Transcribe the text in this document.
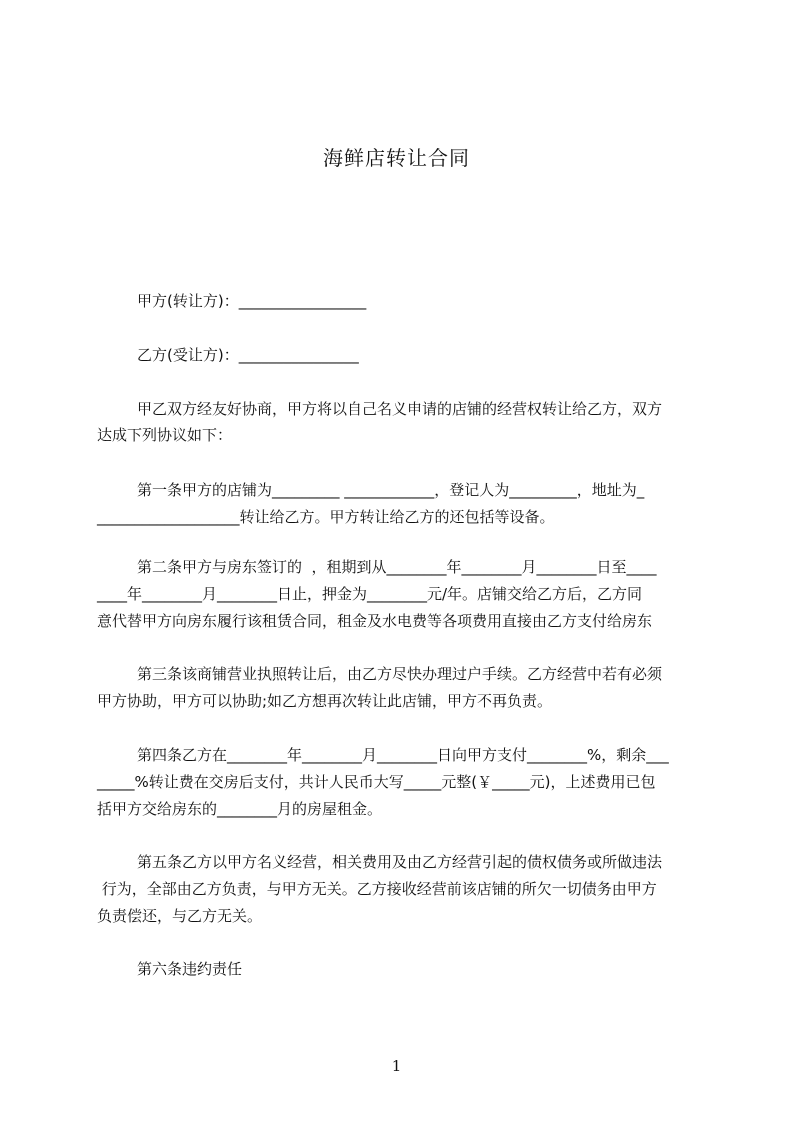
海鲜店转让合同
甲方(转让方)：_________________
乙方(受让方)：________________
甲乙双方经友好协商，甲方将以自己名义申请的店铺的经营权转让给乙方，双方
达成下列协议如下：
第一条甲方的店铺为_________ ____________，登记人为_________，地址为_
___________________转让给乙方。甲方转让给乙方的还包括等设备。
第二条甲方与房东签订的  ，租期到从________年________月________日至____
____年________月________日止，押金为________元/年。店铺交给乙方后，乙方同
意代替甲方向房东履行该租赁合同，租金及水电费等各项费用直接由乙方支付给房东
第三条该商铺营业执照转让后，由乙方尽快办理过户手续。乙方经营中若有必须
甲方协助，甲方可以协助;如乙方想再次转让此店铺，甲方不再负责。
第四条乙方在________年________月________日向甲方支付________%，剩余___
_____%转让费在交房后支付，共计人民币大写_____元整(￥_____元)，上述费用已包
括甲方交给房东的________月的房屋租金。
第五条乙方以甲方名义经营，相关费用及由乙方经营引起的债权债务或所做违法
行为，全部由乙方负责，与甲方无关。乙方接收经营前该店铺的所欠一切债务由甲方
负责偿还，与乙方无关。
第六条违约责任
1
